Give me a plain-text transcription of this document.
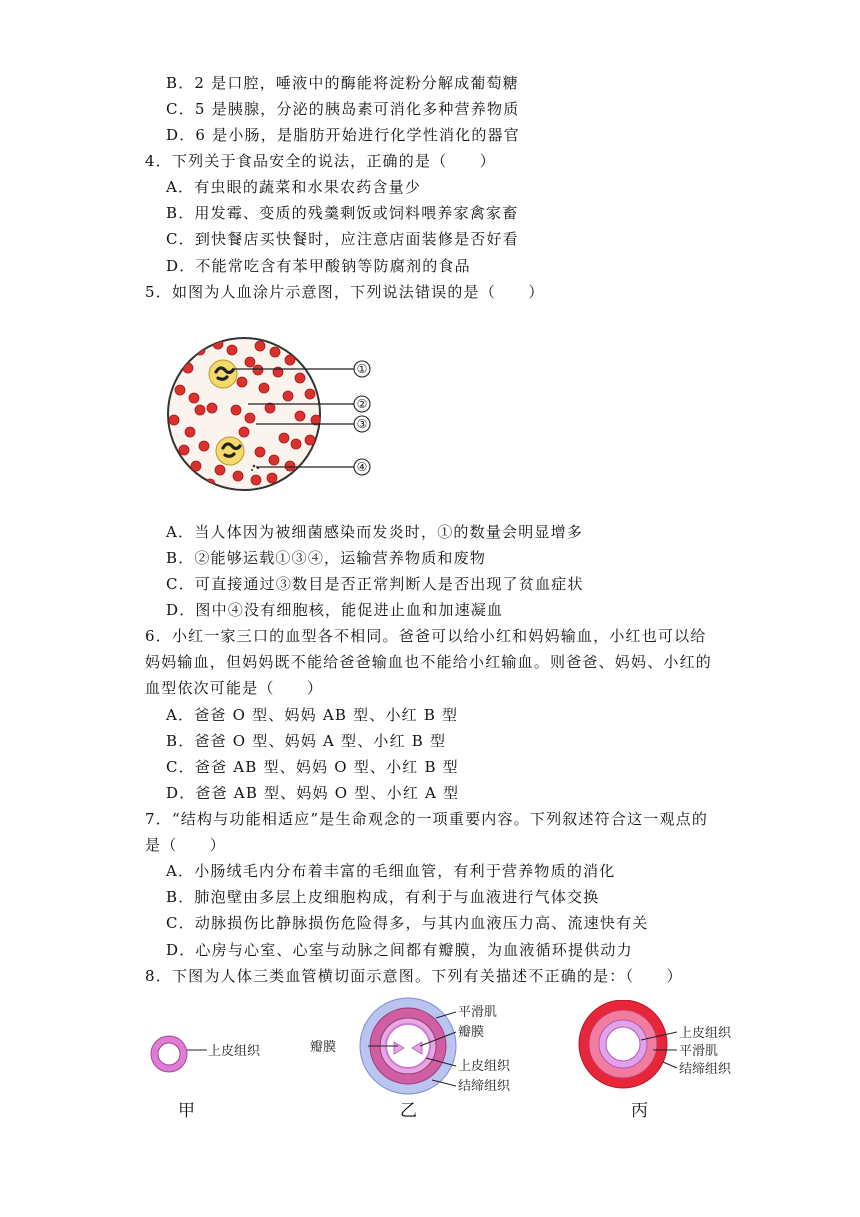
B．2 是口腔，唾液中的酶能将淀粉分解成葡萄糖
C．5 是胰腺，分泌的胰岛素可消化多种营养物质
D．6 是小肠，是脂肪开始进行化学性消化的器官
4．下列关于食品安全的说法，正确的是（　　）
A．有虫眼的蔬菜和水果农药含量少
B．用发霉、变质的残羹剩饭或饲料喂养家禽家畜
C．到快餐店买快餐时，应注意店面装修是否好看
D．不能常吃含有苯甲酸钠等防腐剂的食品
5．如图为人血涂片示意图，下列说法错误的是（　　）
①
②
③
④
A．当人体因为被细菌感染而发炎时，①的数量会明显增多
B．②能够运载①③④，运输营养物质和废物
C．可直接通过③数目是否正常判断人是否出现了贫血症状
D．图中④没有细胞核，能促进止血和加速凝血
6．小红一家三口的血型各不相同。爸爸可以给小红和妈妈输血，小红也可以给
妈妈输血，但妈妈既不能给爸爸输血也不能给小红输血。则爸爸、妈妈、小红的
血型依次可能是（　　）
A．爸爸 O 型、妈妈 AB 型、小红 B 型
B．爸爸 O 型、妈妈 A 型、小红 B 型
C．爸爸 AB 型、妈妈 O 型、小红 B 型
D．爸爸 AB 型、妈妈 O 型、小红 A 型
7．“结构与功能相适应”是生命观念的一项重要内容。下列叙述符合这一观点的
是（　　）
A．小肠绒毛内分布着丰富的毛细血管，有利于营养物质的消化
B．肺泡壁由多层上皮细胞构成，有利于与血液进行气体交换
C．动脉损伤比静脉损伤危险得多，与其内血液压力高、流速快有关
D．心房与心室、心室与动脉之间都有瓣膜，为血液循环提供动力
8．下图为人体三类血管横切面示意图。下列有关描述不正确的是：（　　）
上皮组织
甲
瓣膜
平滑肌
瓣膜
上皮组织
结缔组织
乙
上皮组织
平滑肌
结缔组织
丙
